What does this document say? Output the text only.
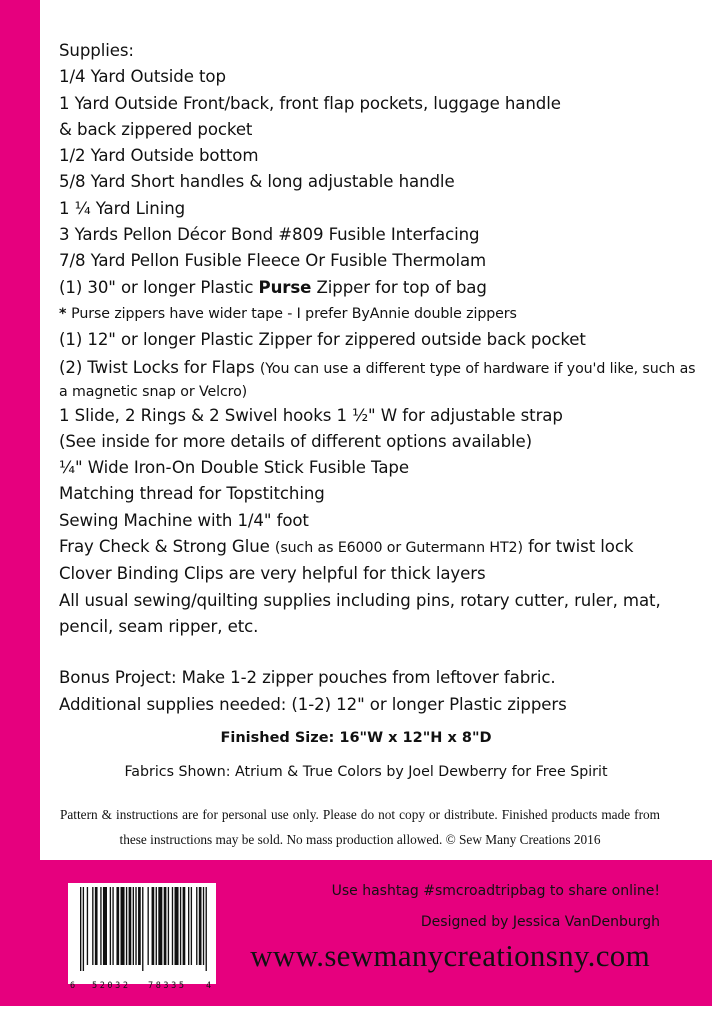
Supplies:
1/4 Yard Outside top
1 Yard Outside Front/back, front flap pockets, luggage handle
& back zippered pocket
1/2 Yard Outside bottom
5/8 Yard Short handles & long adjustable handle
1 ¼ Yard Lining
3 Yards Pellon Décor Bond #809 Fusible Interfacing
7/8 Yard Pellon Fusible Fleece Or Fusible Thermolam
(1) 30" or longer Plastic Purse Zipper for top of bag
* Purse zippers have wider tape - I prefer ByAnnie double zippers
(1) 12" or longer Plastic Zipper for zippered outside back pocket
(2) Twist Locks for Flaps (You can use a different type of hardware if you'd like, such as a magnetic snap or Velcro)
1 Slide, 2 Rings & 2 Swivel hooks 1 ½" W for adjustable strap
(See inside for more details of different options available)
¼" Wide Iron-On Double Stick Fusible Tape
Matching thread for Topstitching
Sewing Machine with 1/4" foot
Fray Check & Strong Glue (such as E6000 or Gutermann HT2) for twist lock
Clover Binding Clips are very helpful for thick layers
All usual sewing/quilting supplies including pins, rotary cutter, ruler, mat,
pencil, seam ripper, etc.
Bonus Project: Make 1-2 zipper pouches from leftover fabric.
Additional supplies needed: (1-2) 12" or longer Plastic zippers
Finished Size: 16"W x 12"H x 8"D
Fabrics Shown: Atrium & True Colors by Joel Dewberry for Free Spirit

Pattern & instructions are for personal use only. Please do not copy or distribute. Finished products made from these instructions may be sold. No mass production allowed. © Sew Many Creations 2016

6 52032 78335 4
Use hashtag #smcroadtripbag to share online!
Designed by Jessica VanDenburgh
www.sewmanycreationsny.com
